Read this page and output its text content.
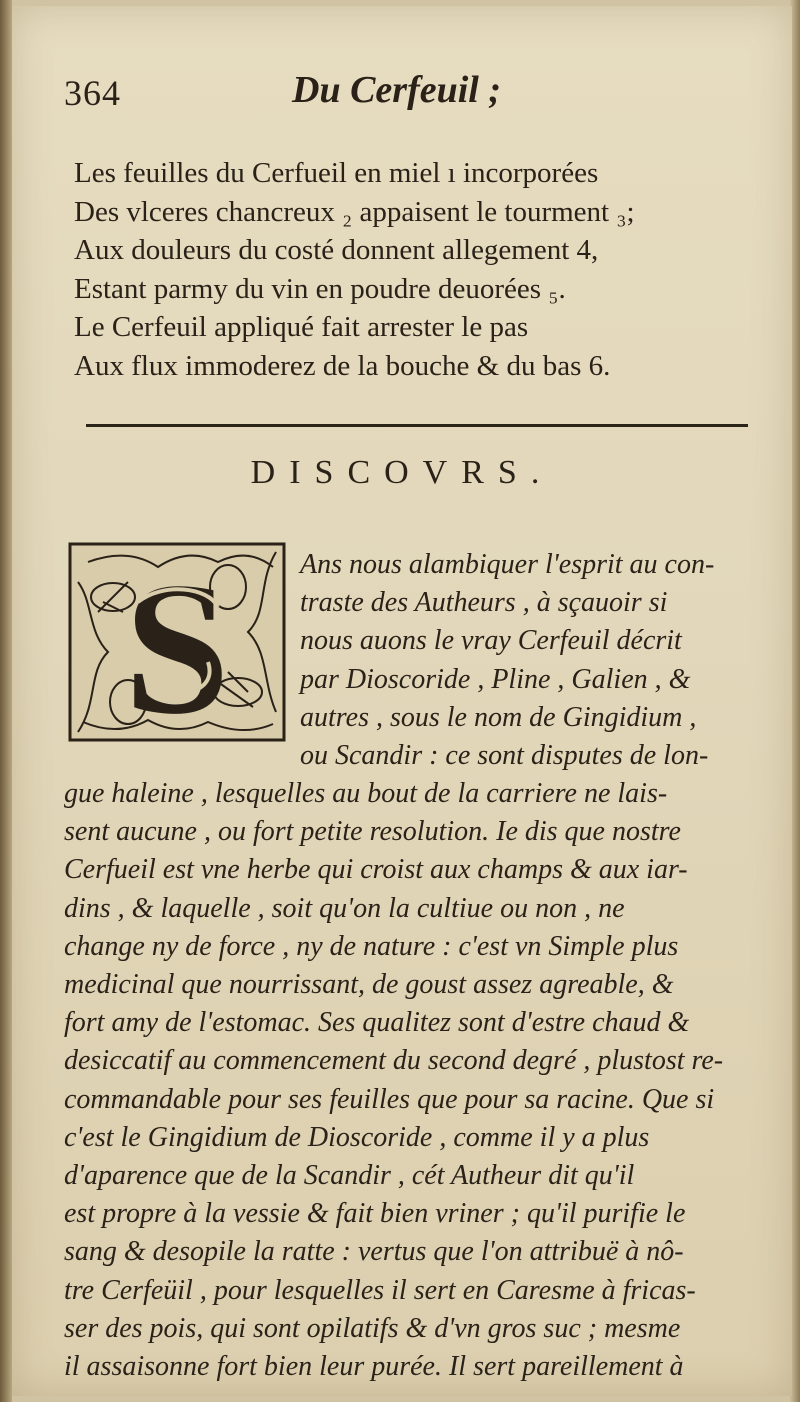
364	Du Cerfeuil ;
Les feuilles du Cerfueil en miel ı incorporées
Des vlceres chancreux ₂ appaisent le tourment ₃;
Aux douleurs du costé donnent allegement 4,
Estant parmy du vin en poudre deuorées ₅.
Le Cerfeuil appliqué fait arrester le pas
Aux flux immoderez de la bouche & du bas 6.
DISCOVRS.
S	Ans nous alambiquer l'esprit au con-
traste des Autheurs , à sçauoir si
nous auons le vray Cerfeuil décrit
par Dioscoride , Pline , Galien , &
autres , sous le nom de Gingidium ,
ou Scandir : ce sont disputes de lon-
gue haleine , lesquelles au bout de la carriere ne lais-
sent aucune , ou fort petite resolution. Ie dis que nostre
Cerfueil est vne herbe qui croist aux champs & aux iar-
dins , & laquelle , soit qu'on la cultiue ou non , ne
change ny de force , ny de nature : c'est vn Simple plus
medicinal que nourrissant, de goust assez agreable, &
fort amy de l'estomac. Ses qualitez sont d'estre chaud &
desiccatif au commencement du second degré , plustost re-
commandable pour ses feuilles que pour sa racine. Que si
c'est le Gingidium de Dioscoride , comme il y a plus
d'aparence que de la Scandir , cét Autheur dit qu'il
est propre à la vessie & fait bien vriner ; qu'il purifie le
sang & desopile la ratte : vertus que l'on attribuë à nô-
tre Cerfeüil , pour lesquelles il sert en Caresme à fricas-
ser des pois, qui sont opilatifs & d'vn gros suc ; mesme
il assaisonne fort bien leur purée. Il sert pareillement à
